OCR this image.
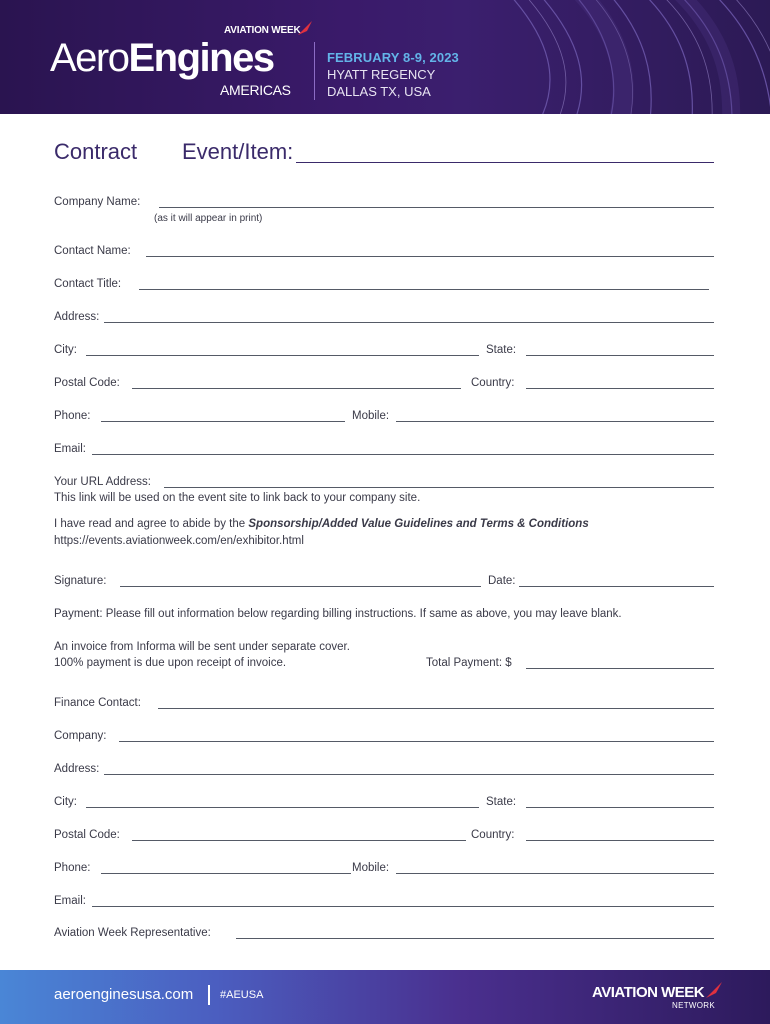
AVIATION WEEK
AeroEngines
AMERICAS
FEBRUARY 8-9, 2023
HYATT REGENCY
DALLAS TX, USA
Contract Event/Item:
Company Name:
(as it will appear in print)
Contact Name:
Contact Title:
Address:
City:	State:
Postal Code:	Country:
Phone:	Mobile:
Email:
Your URL Address:
This link will be used on the event site to link back to your company site.
I have read and agree to abide by the Sponsorship/Added Value Guidelines and Terms & Conditions
https://events.aviationweek.com/en/exhibitor.html
Signature:	Date:
Payment: Please fill out information below regarding billing instructions. If same as above, you may leave blank.
An invoice from Informa will be sent under separate cover.
100% payment is due upon receipt of invoice.	Total Payment: $
Finance Contact:
Company:
Address:
City:	State:
Postal Code:	Country:
Phone:	Mobile:
Email:
Aviation Week Representative:
aeroenginesusa.com #AEUSA	AVIATION WEEK
NETWORK
